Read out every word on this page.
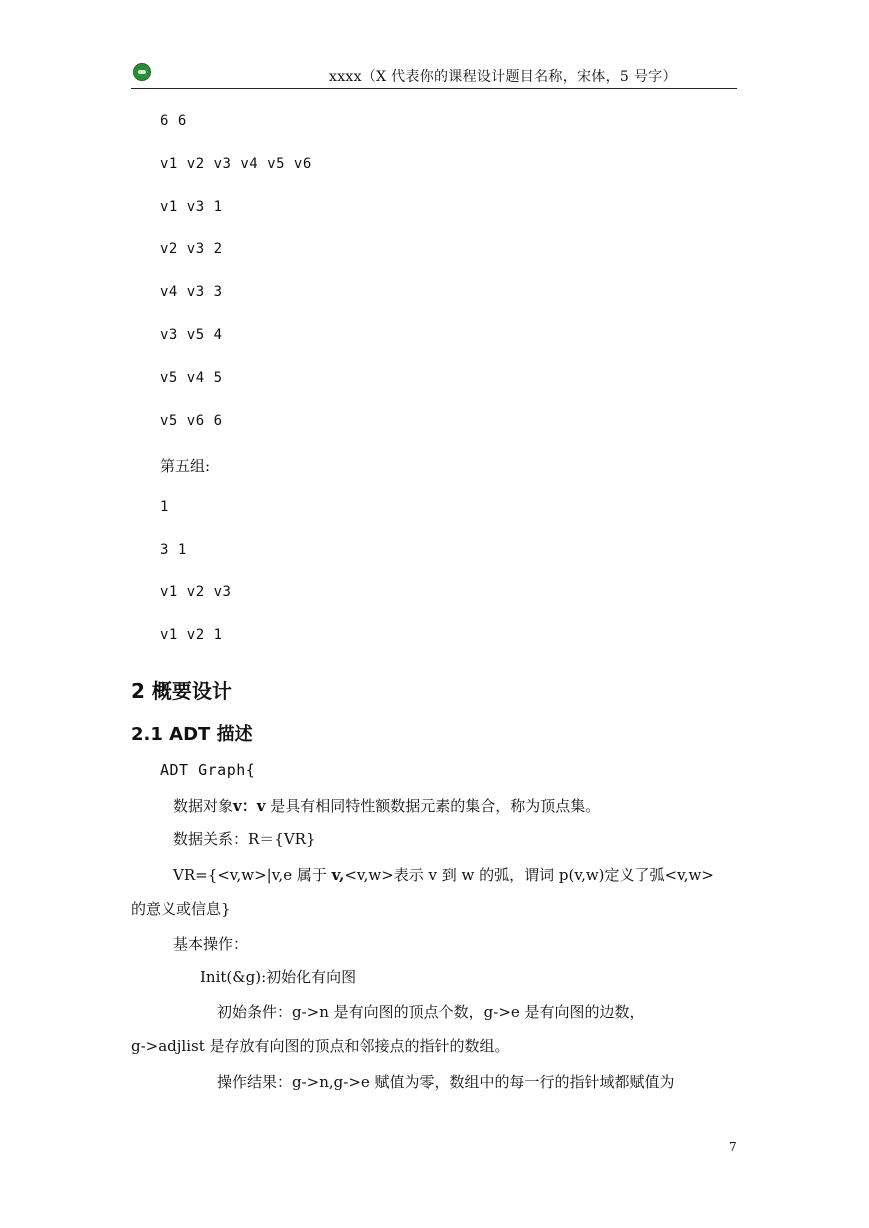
xxxx（X 代表你的课程设计题目名称，宋体，5 号字）
6 6
v1 v2 v3 v4 v5 v6
v1 v3 1
v2 v3 2
v4 v3 3
v3 v5 4
v5 v4 5
v5 v6 6
第五组:
1
3 1
v1 v2 v3
v1 v2 1
2 概要设计
2.1 ADT 描述
ADT Graph{
数据对象v：v 是具有相同特性额数据元素的集合，称为顶点集。
数据关系：R＝{VR}
VR={<v,w>|v,e 属于 v,<v,w>表示 v 到 w 的弧，谓词 p(v,w)定义了弧<v,w>
的意义或信息}
基本操作：
Init(&g):初始化有向图
初始条件：g->n 是有向图的顶点个数，g->e 是有向图的边数，
g->adjlist 是存放有向图的顶点和邻接点的指针的数组。
操作结果：g->n,g->e 赋值为零，数组中的每一行的指针域都赋值为
7
